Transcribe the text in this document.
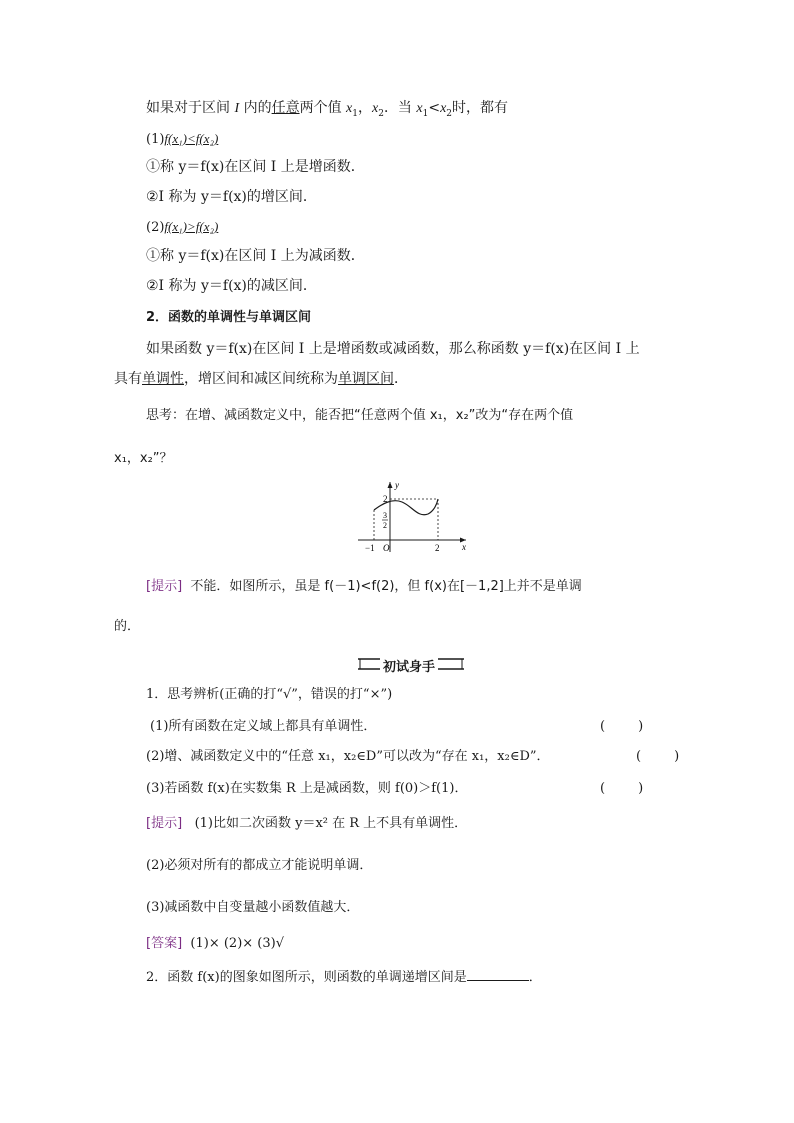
如果对于区间 I 内的任意两个值 $x_1$，$x_2$．当 $x_1<x_2$时，都有
(1)f(x₁)<f(x₂)
①称 y＝f(x)在区间 I 上是增函数．
②I 称为 y＝f(x)的增区间．
(2)f(x₁)>f(x₂)
①称 y＝f(x)在区间 I 上为减函数．
②I 称为 y＝f(x)的减区间．
2．函数的单调性与单调区间
如果函数 y＝f(x)在区间 I 上是增函数或减函数，那么称函数 y＝f(x)在区间 I 上
具有单调性，增区间和减区间统称为单调区间．
思考：在增、减函数定义中，能否把“任意两个值 x₁，x₂”改为“存在两个值
x₁，x₂”？
y
x
2
3
2
−1 O	2
[提示] 不能．如图所示，虽是 f(－1)<f(2)，但 f(x)在[－1,2]上并不是单调
的．
初试身手
1．思考辨析(正确的打“√”，错误的打“×”)
(1)所有函数在定义域上都具有单调性．	(        )
(2)增、减函数定义中的“任意 x₁，x₂∈D”可以改为“存在 x₁，x₂∈D”．	(        )
(3)若函数 f(x)在实数集 R 上是减函数，则 f(0)＞f(1)．	(        )
[提示] (1)比如二次函数 y＝x² 在 R 上不具有单调性．
(2)必须对所有的都成立才能说明单调．
(3)减函数中自变量越小函数值越大．
[答案] (1)× (2)× (3)√
2．函数 f(x)的图象如图所示，则函数的单调递增区间是	．
